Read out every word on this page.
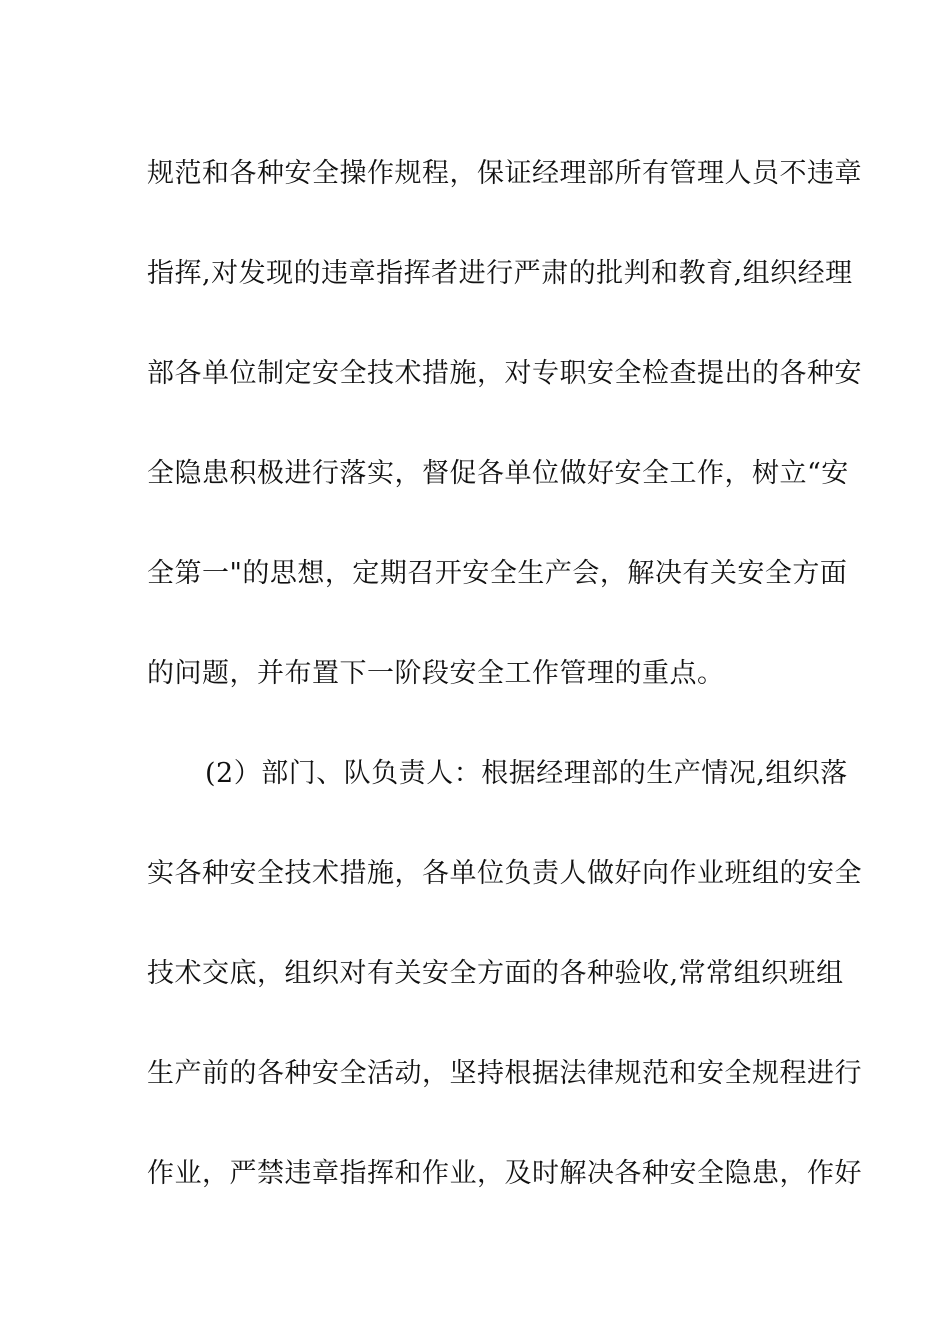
规范和各种安全操作规程，保证经理部所有管理人员不违章
指挥,对发现的违章指挥者进行严肃的批判和教育,组织经理
部各单位制定安全技术措施，对专职安全检查提出的各种安
全隐患积极进行落实，督促各单位做好安全工作，树立“安
全第一"的思想，定期召开安全生产会，解决有关安全方面
的问题，并布置下一阶段安全工作管理的重点。
(2）部门、队负责人：根据经理部的生产情况,组织落
实各种安全技术措施，各单位负责人做好向作业班组的安全
技术交底，组织对有关安全方面的各种验收,常常组织班组
生产前的各种安全活动，坚持根据法律规范和安全规程进行
作业，严禁违章指挥和作业，及时解决各种安全隐患，作好
